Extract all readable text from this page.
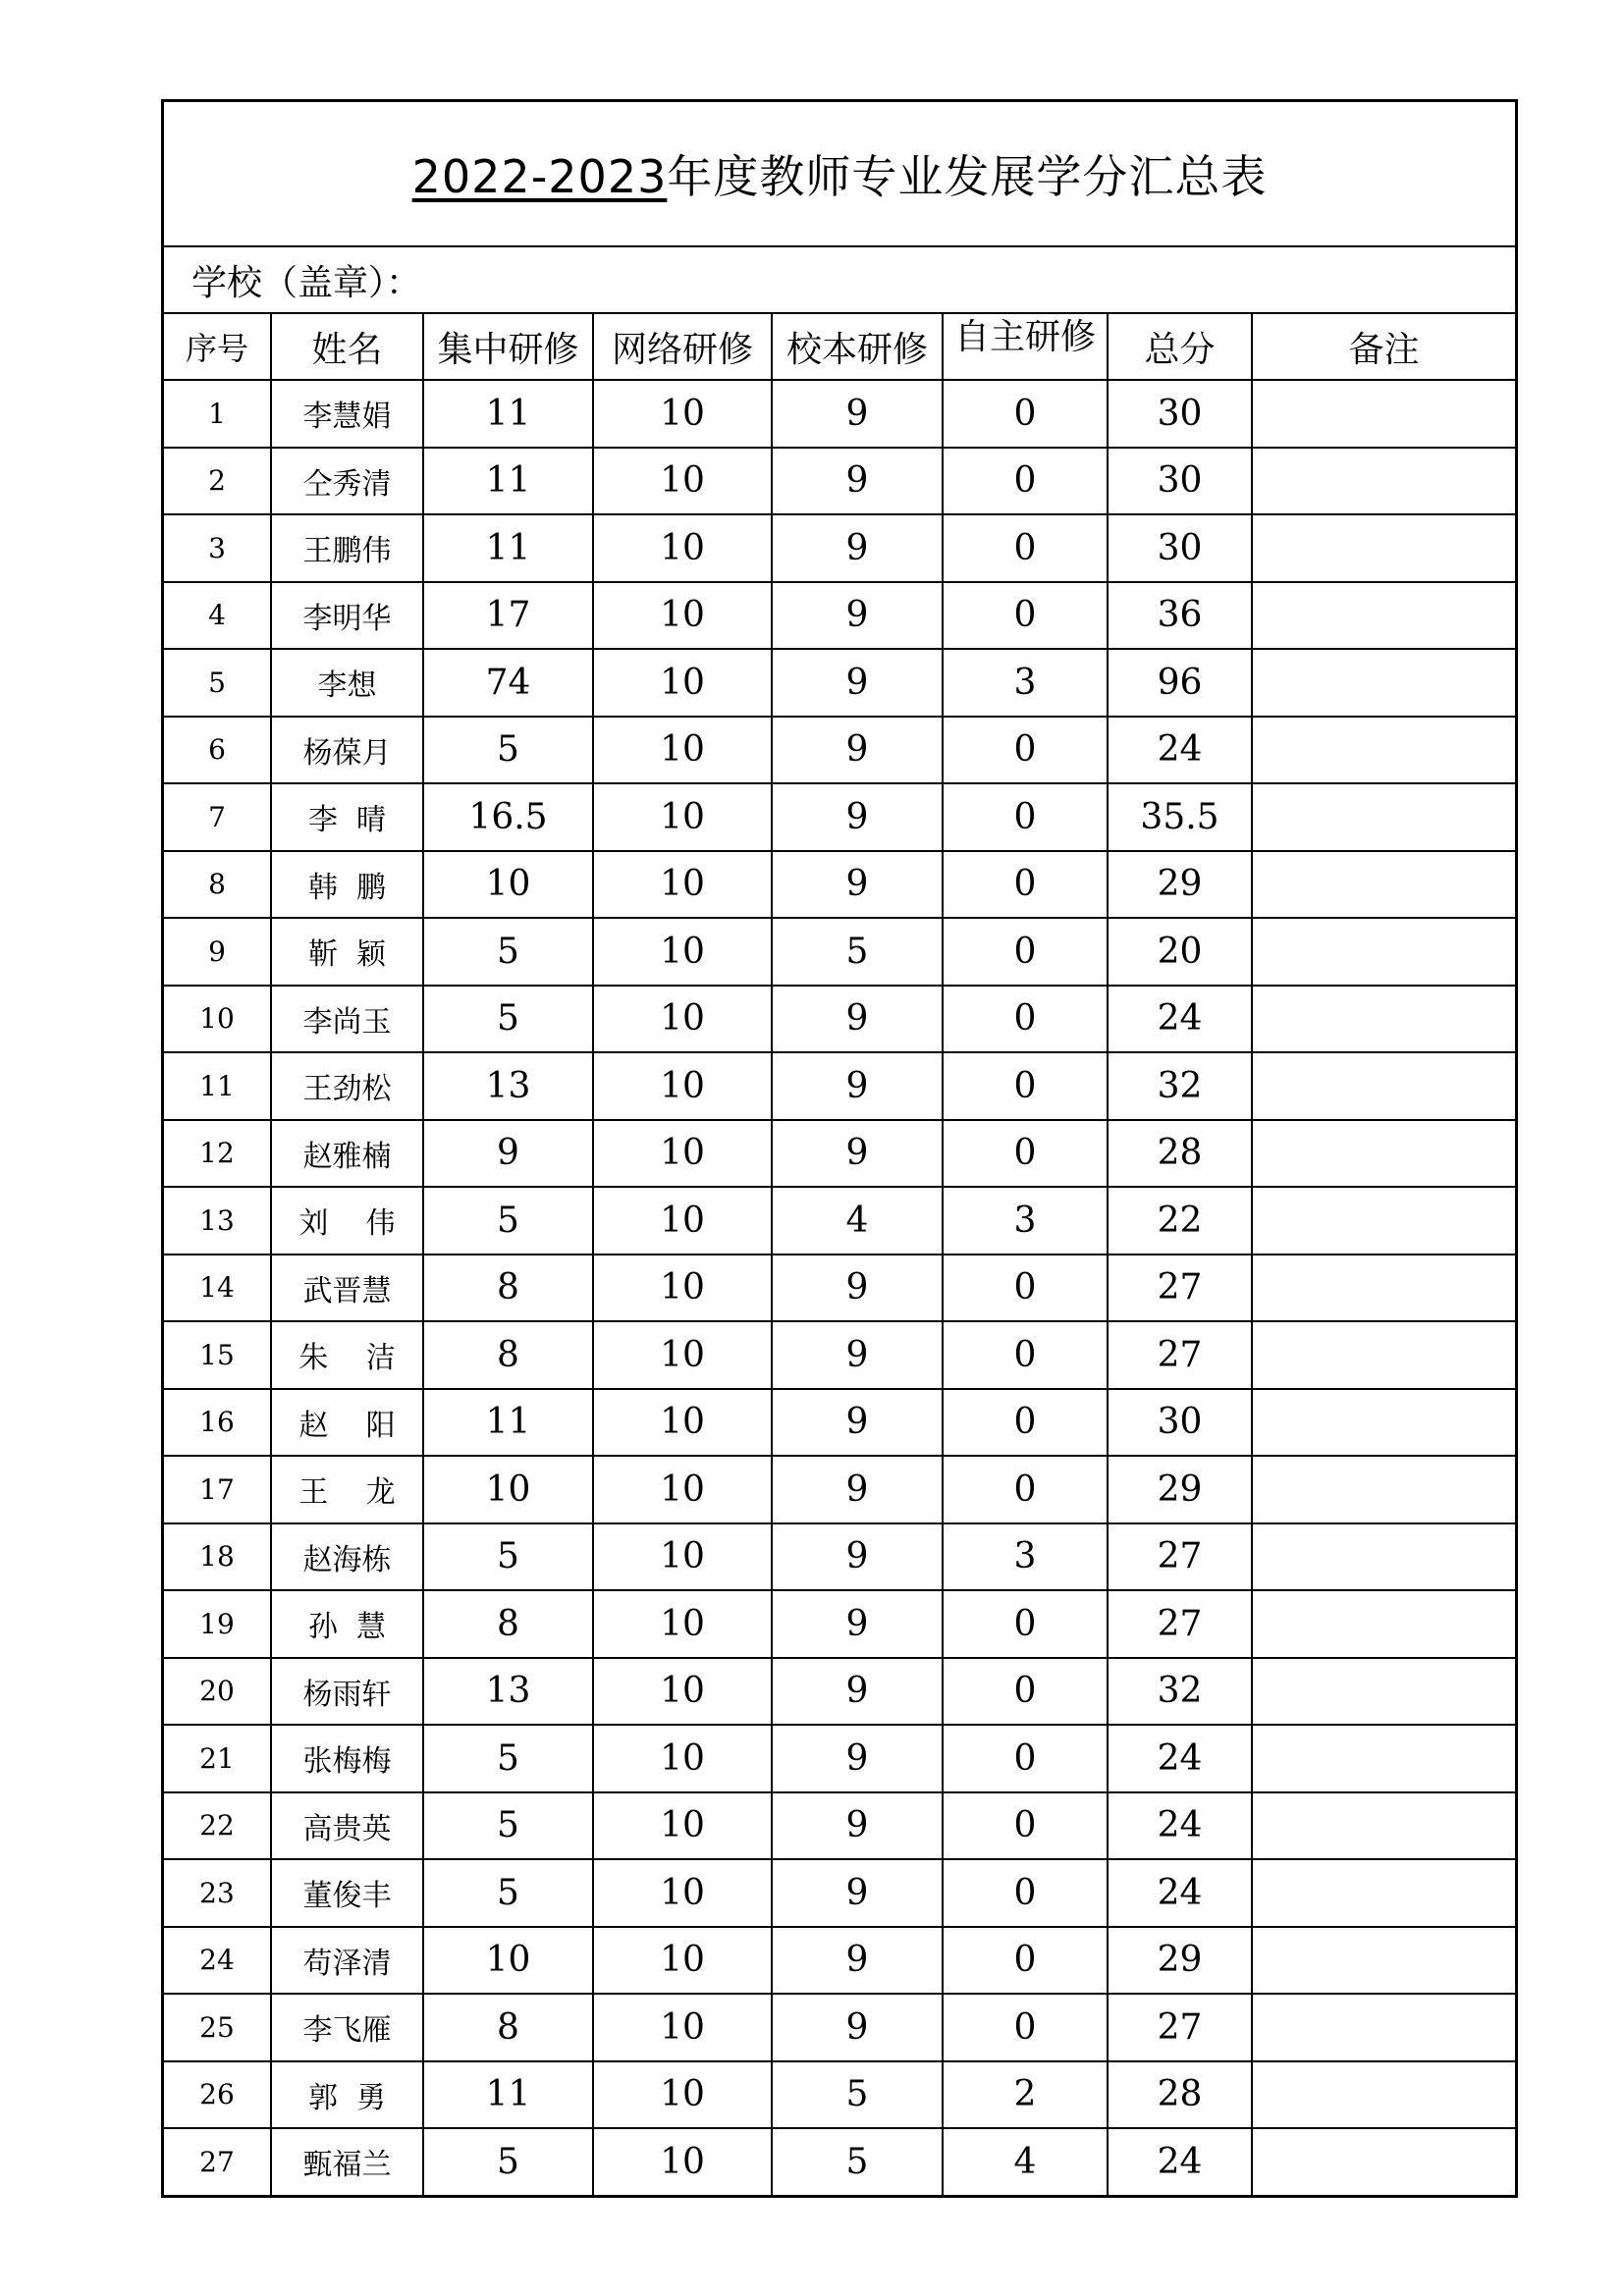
2022-2023年度教师专业发展学分汇总表
学校（盖章）：
序号	姓名	集中研修	网络研修	校本研修	自主研修	总分	备注
1	李慧娟	11	10	9	0	30	
2	仝秀清	11	10	9	0	30	
3	王鹏伟	11	10	9	0	30	
4	李明华	17	10	9	0	36	
5	李想	74	10	9	3	96	
6	杨葆月	5	10	9	0	24	
7	李  晴	16.5	10	9	0	35.5	
8	韩  鹏	10	10	9	0	29	
9	靳  颖	5	10	5	0	20	
10	李尚玉	5	10	9	0	24	
11	王劲松	13	10	9	0	32	
12	赵雅楠	9	10	9	0	28	
13	刘    伟	5	10	4	3	22	
14	武晋慧	8	10	9	0	27	
15	朱    洁	8	10	9	0	27	
16	赵    阳	11	10	9	0	30	
17	王    龙	10	10	9	0	29	
18	赵海栋	5	10	9	3	27	
19	孙  慧	8	10	9	0	27	
20	杨雨轩	13	10	9	0	32	
21	张梅梅	5	10	9	0	24	
22	高贵英	5	10	9	0	24	
23	董俊丰	5	10	9	0	24	
24	苟泽清	10	10	9	0	29	
25	李飞雁	8	10	9	0	27	
26	郭  勇	11	10	5	2	28	
27	甄福兰	5	10	5	4	24	
